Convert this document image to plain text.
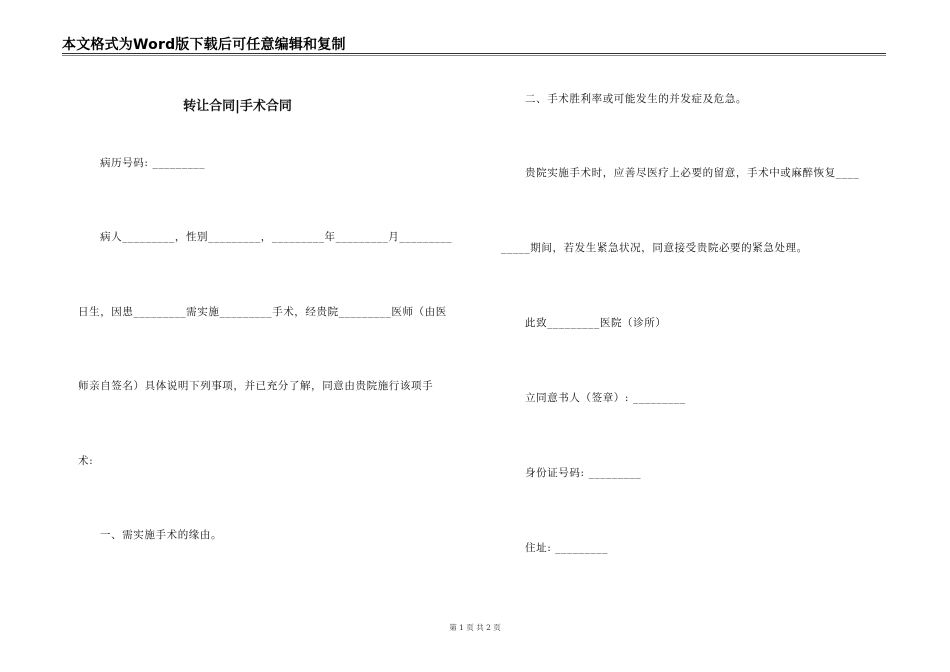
本文格式为Word版下载后可任意编辑和复制
转让合同|手术合同
病历号码: _________
病人_________，性别_________，_________年_________月_________
日生，因患_________需实施_________手术，经贵院_________医师（由医
师亲自签名）具体说明下列事项，并已充分了解，同意由贵院施行该项手
术:
一、需实施手术的缘由。
二、手术胜利率或可能发生的并发症及危急。
贵院实施手术时，应善尽医疗上必要的留意，手术中或麻醉恢复____
_____期间，若发生紧急状况，同意接受贵院必要的紧急处理。
此致_________医院（诊所）
立同意书人（签章）: _________
身份证号码: _________
住址: _________
第 1 页 共 2 页
